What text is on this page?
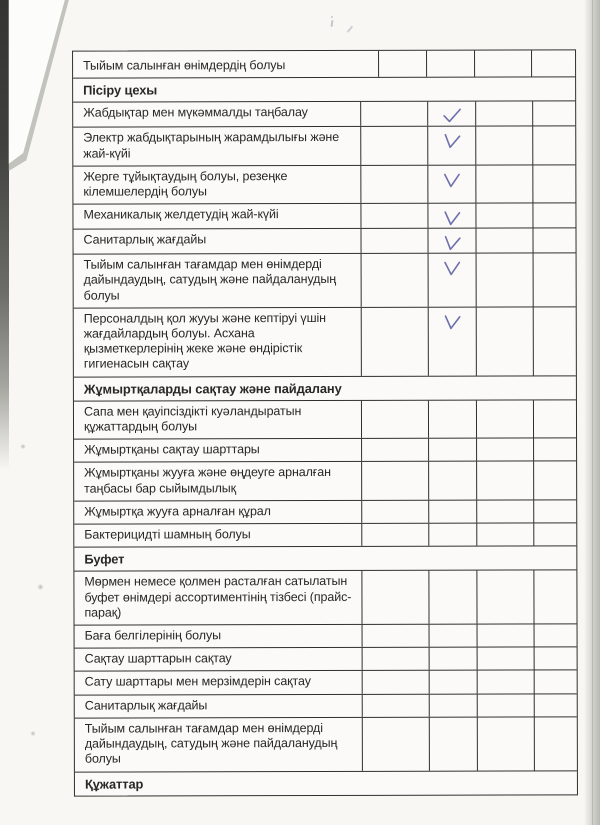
Тыйым салынған өнімдердің болуы
Пісіру цехы
Жабдықтар мен мүкәммалды таңбалау
Электр жабдықтарының жарамдылығы және жай-күйі
Жерге тұйықтаудың болуы, резеңке кілемшелердің болуы
Механикалық желдетудің жай-күйі
Санитарлық жағдайы
Тыйым салынған тағамдар мен өнімдерді дайындаудың, сатудың және пайдаланудың болуы
Персоналдың қол жууы және кептіруі үшін жағдайлардың болуы. Асхана қызметкерлерінің жеке және өндірістік гигиенасын сақтау
Жұмыртқаларды сақтау және пайдалану
Сапа мен қауіпсіздікті куәландыратын құжаттардың болуы
Жұмыртқаны сақтау шарттары
Жұмыртқаны жууға және өңдеуге арналған таңбасы бар сыйымдылық
Жұмыртқа жууға арналған құрал
Бактерицидті шамның болуы
Буфет
Мөрмен немесе қолмен расталған сатылатын буфет өнімдері ассортиментінің тізбесі (прайс-парақ)
Баға белгілерінің болуы
Сақтау шарттарын сақтау
Сату шарттары мен мерзімдерін сақтау
Санитарлық жағдайы
Тыйым салынған тағамдар мен өнімдерді дайындаудың, сатудың және пайдаланудың болуы
Құжаттар
